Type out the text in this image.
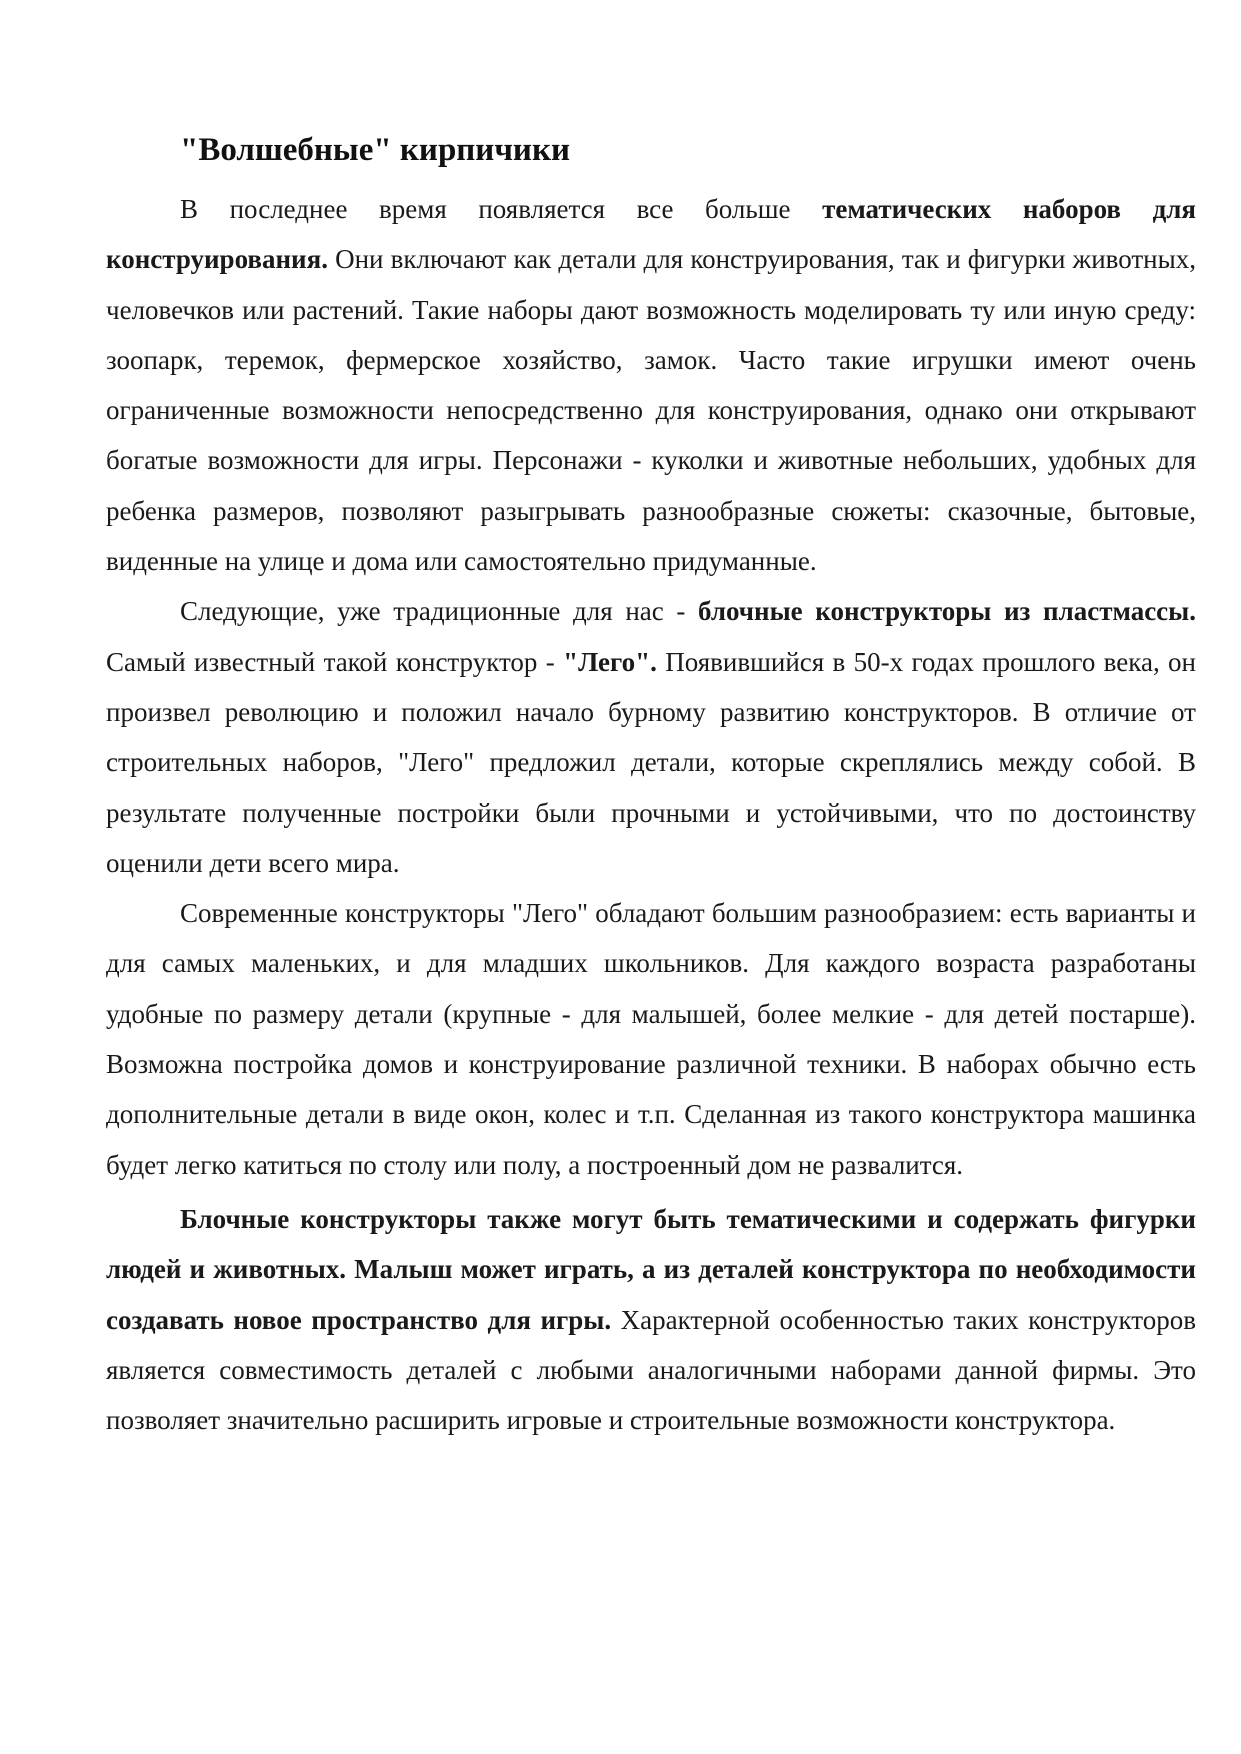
"Волшебные" кирпичики

В последнее время появляется все больше тематических наборов для конструирования. Они включают как детали для конструирования, так и фигурки животных, человечков или растений. Такие наборы дают возможность моделировать ту или иную среду: зоопарк, теремок, фермерское хозяйство, замок. Часто такие игрушки имеют очень ограниченные возможности непосредственно для конструирования, однако они открывают богатые возможности для игры. Персонажи - куколки и животные небольших, удобных для ребенка размеров, позволяют разыгрывать разнообразные сюжеты: сказочные, бытовые, виденные на улице и дома или самостоятельно придуманные.

Следующие, уже традиционные для нас - блочные конструкторы из пластмассы. Самый известный такой конструктор - "Лего". Появившийся в 50-х годах прошлого века, он произвел революцию и положил начало бурному развитию конструкторов. В отличие от строительных наборов, "Лего" предложил детали, которые скреплялись между собой. В результате полученные постройки были прочными и устойчивыми, что по достоинству оценили дети всего мира.

Современные конструкторы "Лего" обладают большим разнообразием: есть варианты и для самых маленьких, и для младших школьников. Для каждого возраста разработаны удобные по размеру детали (крупные - для малышей, более мелкие - для детей постарше). Возможна постройка домов и конструирование различной техники. В наборах обычно есть дополнительные детали в виде окон, колес и т.п. Сделанная из такого конструктора машинка будет легко катиться по столу или полу, а построенный дом не развалится.

Блочные конструкторы также могут быть тематическими и содержать фигурки людей и животных. Малыш может играть, а из деталей конструктора по необходимости создавать новое пространство для игры. Характерной особенностью таких конструкторов является совместимость деталей с любыми аналогичными наборами данной фирмы. Это позволяет значительно расширить игровые и строительные возможности конструктора.
